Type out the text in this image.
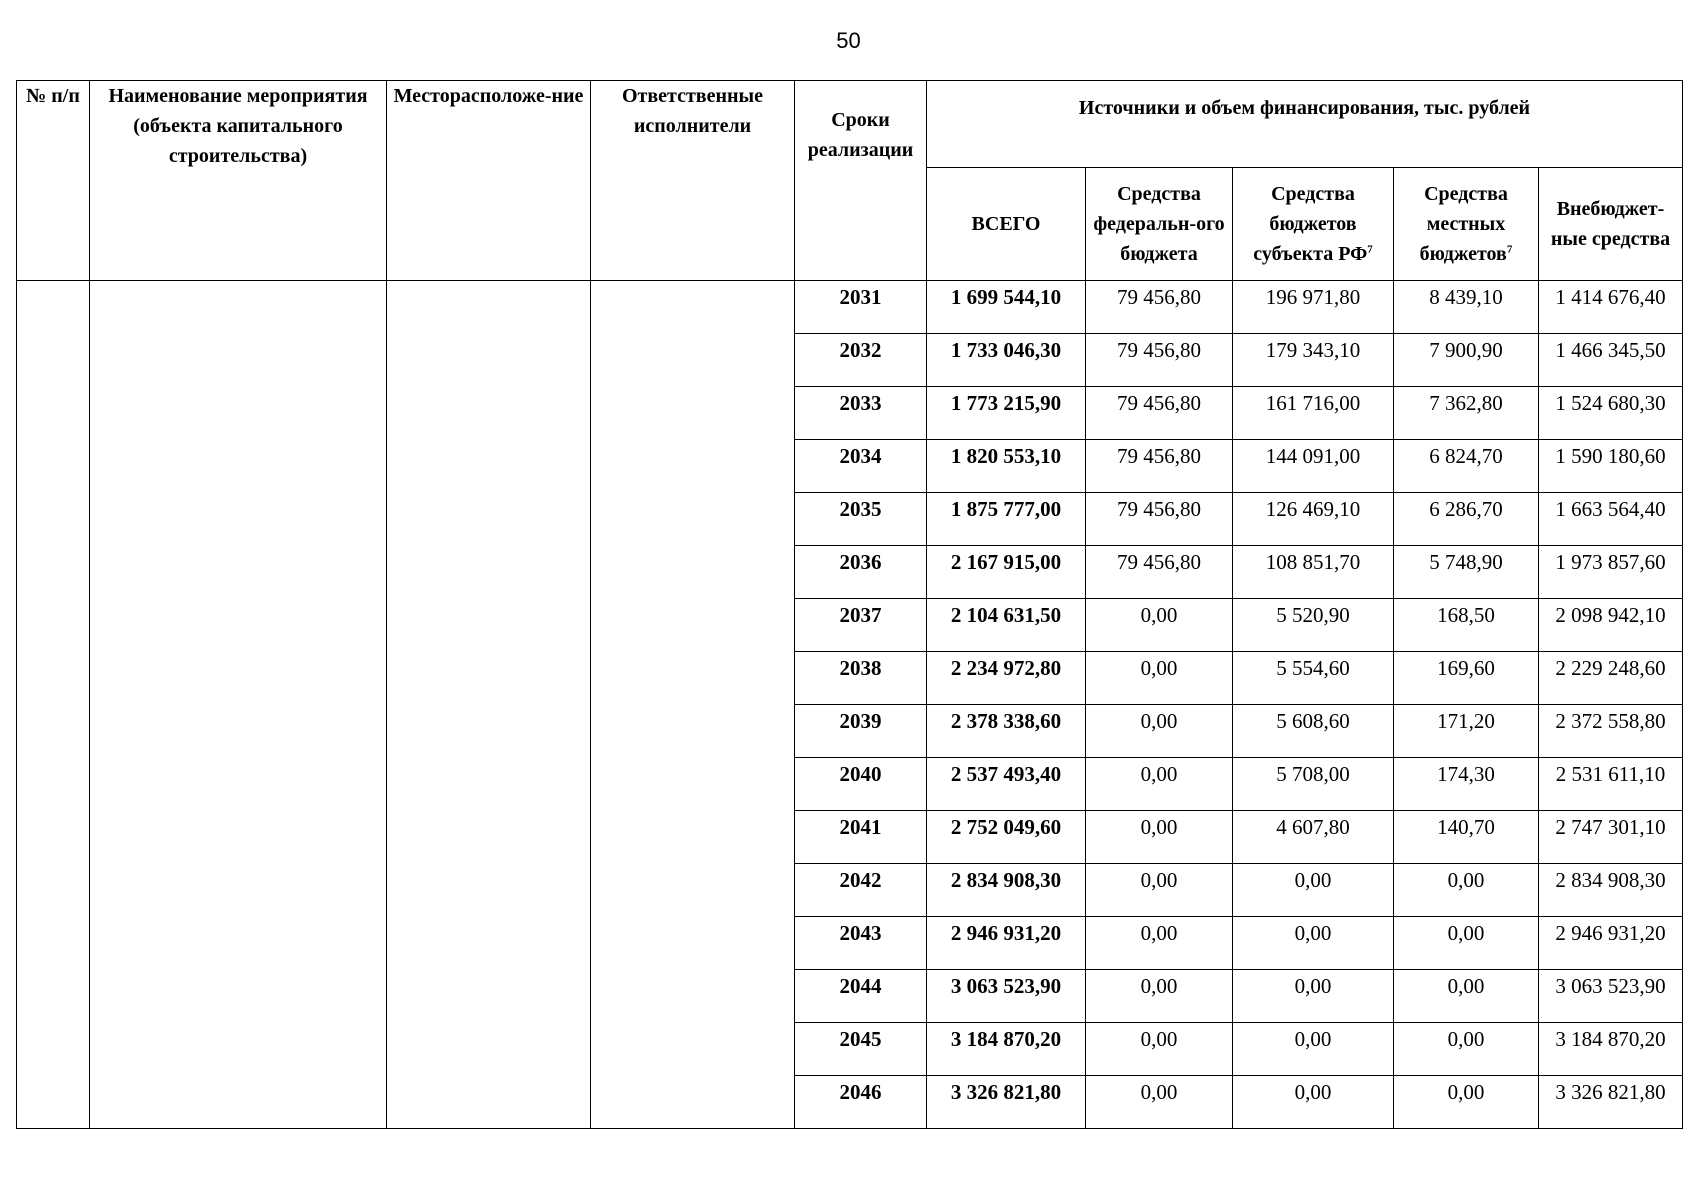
50
№ п/п	Наименование мероприятия (объекта капитального строительства)	Месторасположе-ние	Ответственные исполнители	Сроки реализации	Источники и объем финансирования, тыс. рублей				
					ВСЕГО	Средства федеральн-ого бюджета	Средства бюджетов субъекта $РФ^7$	Средства местных бюджетов$^7$	Внебюджет-ные средства
				2031	1 699 544,10	79 456,80	196 971,80	8 439,10	1 414 676,40
				2032	1 733 046,30	79 456,80	179 343,10	7 900,90	1 466 345,50
				2033	1 773 215,90	79 456,80	161 716,00	7 362,80	1 524 680,30
				2034	1 820 553,10	79 456,80	144 091,00	6 824,70	1 590 180,60
				2035	1 875 777,00	79 456,80	126 469,10	6 286,70	1 663 564,40
				2036	2 167 915,00	79 456,80	108 851,70	5 748,90	1 973 857,60
				2037	2 104 631,50	0,00	5 520,90	168,50	2 098 942,10
				2038	2 234 972,80	0,00	5 554,60	169,60	2 229 248,60
				2039	2 378 338,60	0,00	5 608,60	171,20	2 372 558,80
				2040	2 537 493,40	0,00	5 708,00	174,30	2 531 611,10
				2041	2 752 049,60	0,00	4 607,80	140,70	2 747 301,10
				2042	2 834 908,30	0,00	0,00	0,00	2 834 908,30
				2043	2 946 931,20	0,00	0,00	0,00	2 946 931,20
				2044	3 063 523,90	0,00	0,00	0,00	3 063 523,90
				2045	3 184 870,20	0,00	0,00	0,00	3 184 870,20
				2046	3 326 821,80	0,00	0,00	0,00	3 326 821,80
